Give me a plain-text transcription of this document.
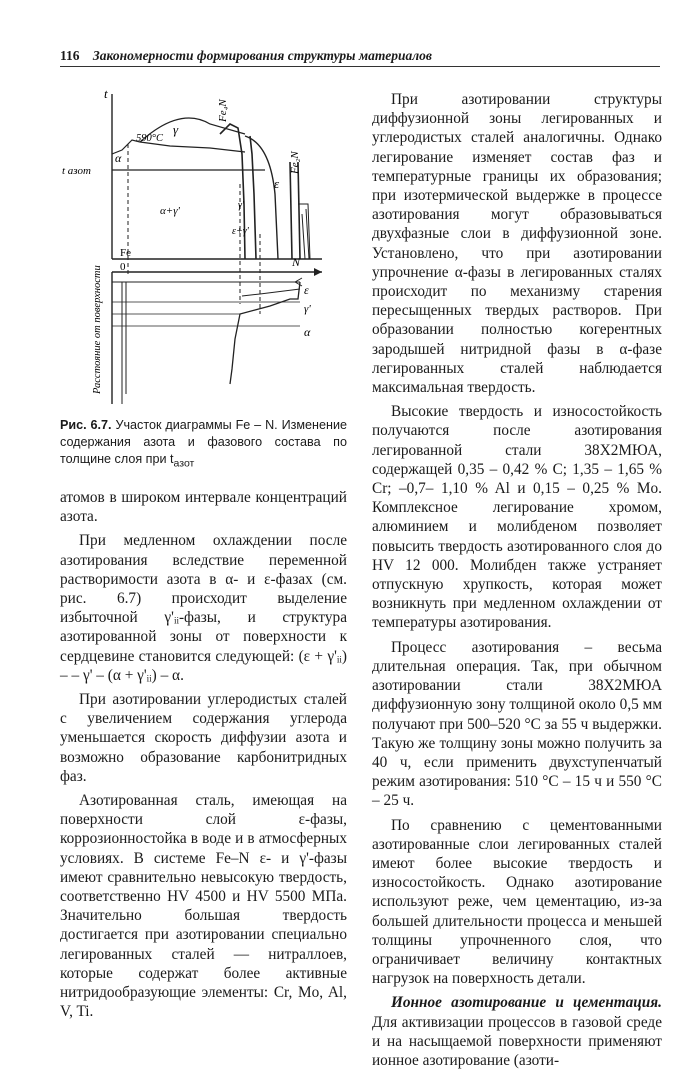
116 Закономерности формирования структуры материалов
t
t азот
590°C
α
γ
Fe₄N
Fe₂N
ε
α+γ'
ε+γ'
γ'
Fe
0	N
ε
γ'
α
Расстояние от поверхности
Рис. 6.7. Участок диаграммы Fe – N. Изменение содержания азота и фазового состава по толщине слоя при $t_{азот}$

атомов в широком интервале концентраций азота.

При медленном охлаждении после азотирования вследствие переменной растворимости азота в α- и ε-фазах (см. рис. 6.7) происходит выделение избыточной γ'ᵢᵢ-фазы, и структура азотированной зоны от поверхности к сердцевине становится следующей: (ε + γ'ᵢᵢ) – – γ' – (α + γ'ᵢᵢ) – α.

При азотировании углеродистых сталей с увеличением содержания углерода уменьшается скорость диффузии азота и возможно образование карбонитридных фаз.

Азотированная сталь, имеющая на поверхности слой ε-фазы, коррозионностойка в воде и в атмосферных условиях. В системе Fe–N ε- и γ'-фазы имеют сравнительно невысокую твердость, соответственно HV 4500 и HV 5500 МПа. Значительно большая твердость достигается при азотировании специально легированных сталей — нитраллоев, которые содержат более активные нитридообразующие элементы: Cr, Mo, Al, V, Ti.

При азотировании структуры диффузионной зоны легированных и углеродистых сталей аналогичны. Однако легирование изменяет состав фаз и температурные границы их образования; при изотермической выдержке в процессе азотирования могут образовываться двухфазные слои в диффузионной зоне. Установлено, что при азотировании упрочнение α-фазы в легированных сталях происходит по механизму старения пересыщенных твердых растворов. При образовании полностью когерентных зародышей нитридной фазы в α-фазе легированных сталей наблюдается максимальная твердость.

Высокие твердость и износостойкость получаются после азотирования легированной стали 38Х2МЮА, содержащей 0,35 – 0,42 % C; 1,35 – 1,65 % Cr; –0,7– 1,10 % Al и 0,15 – 0,25 % Mo. Комплексное легирование хромом, алюминием и молибденом позволяет повысить твердость азотированного слоя до HV 12 000. Молибден также устраняет отпускную хрупкость, которая может возникнуть при медленном охлаждении от температуры азотирования.

Процесс азотирования – весьма длительная операция. Так, при обычном азотировании стали 38Х2МЮА диффузионную зону толщиной около 0,5 мм получают при 500–520 °C за 55 ч выдержки. Такую же толщину зоны можно получить за 40 ч, если применить двухступенчатый режим азотирования: 510 °C – 15 ч и 550 °C – 25 ч.

По сравнению с цементованными азотированные слои легированных сталей имеют более высокие твердость и износостойкость. Однако азотирование используют реже, чем цементацию, из-за большей длительности процесса и меньшей толщины упрочненного слоя, что ограничивает величину контактных нагрузок на поверхность детали.

Ионное азотирование и цементация. Для активизации процессов в газовой среде и на насыщаемой поверхности применяют ионное азотирование (азоти-
